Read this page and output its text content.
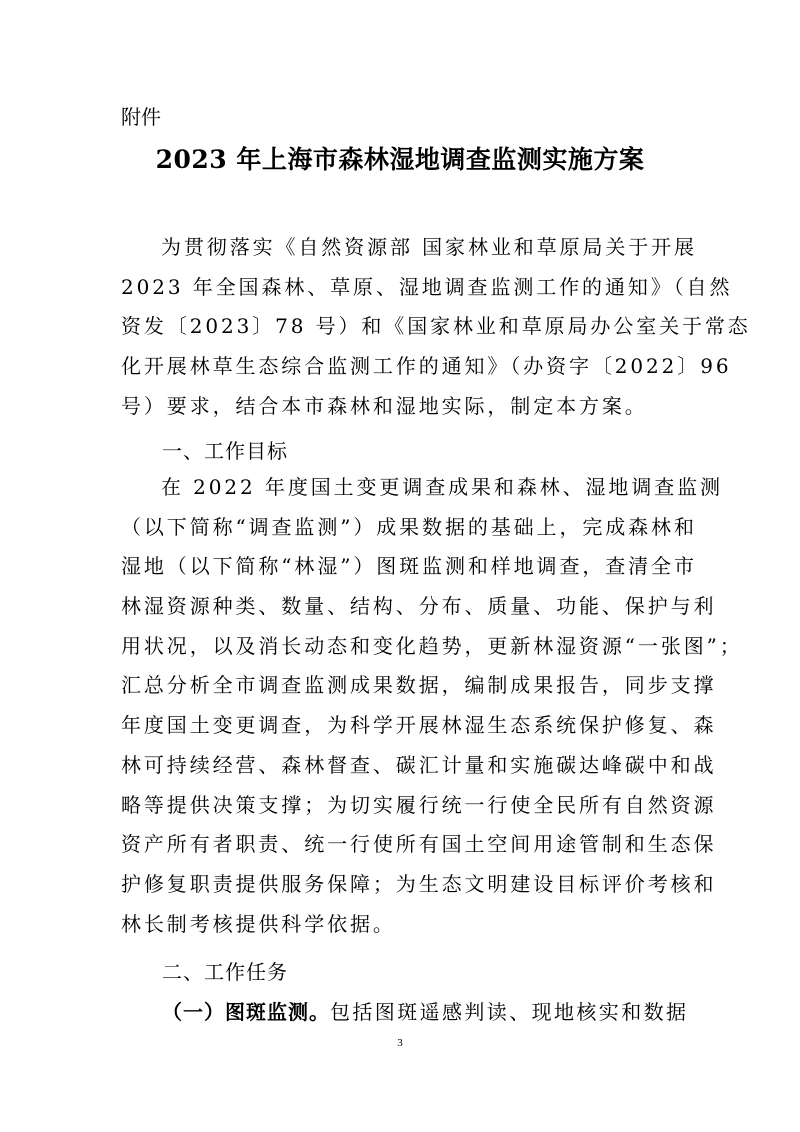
附件
2023 年上海市森林湿地调查监测实施方案
为贯彻落实《自然资源部 国家林业和草原局关于开展
2023 年全国森林、草原、湿地调查监测工作的通知》（自然
资发〔2023〕78 号）和《国家林业和草原局办公室关于常态
化开展林草生态综合监测工作的通知》（办资字〔2022〕96
号）要求，结合本市森林和湿地实际，制定本方案。
一、工作目标
在 2022 年度国土变更调查成果和森林、湿地调查监测
（以下简称“调查监测”）成果数据的基础上，完成森林和
湿地（以下简称“林湿”）图斑监测和样地调查，查清全市
林湿资源种类、数量、结构、分布、质量、功能、保护与利
用状况，以及消长动态和变化趋势，更新林湿资源“一张图”；
汇总分析全市调查监测成果数据，编制成果报告，同步支撑
年度国土变更调查，为科学开展林湿生态系统保护修复、森
林可持续经营、森林督查、碳汇计量和实施碳达峰碳中和战
略等提供决策支撑；为切实履行统一行使全民所有自然资源
资产所有者职责、统一行使所有国土空间用途管制和生态保
护修复职责提供服务保障；为生态文明建设目标评价考核和
林长制考核提供科学依据。
二、工作任务
（一）图斑监测。包括图斑遥感判读、现地核实和数据
3
